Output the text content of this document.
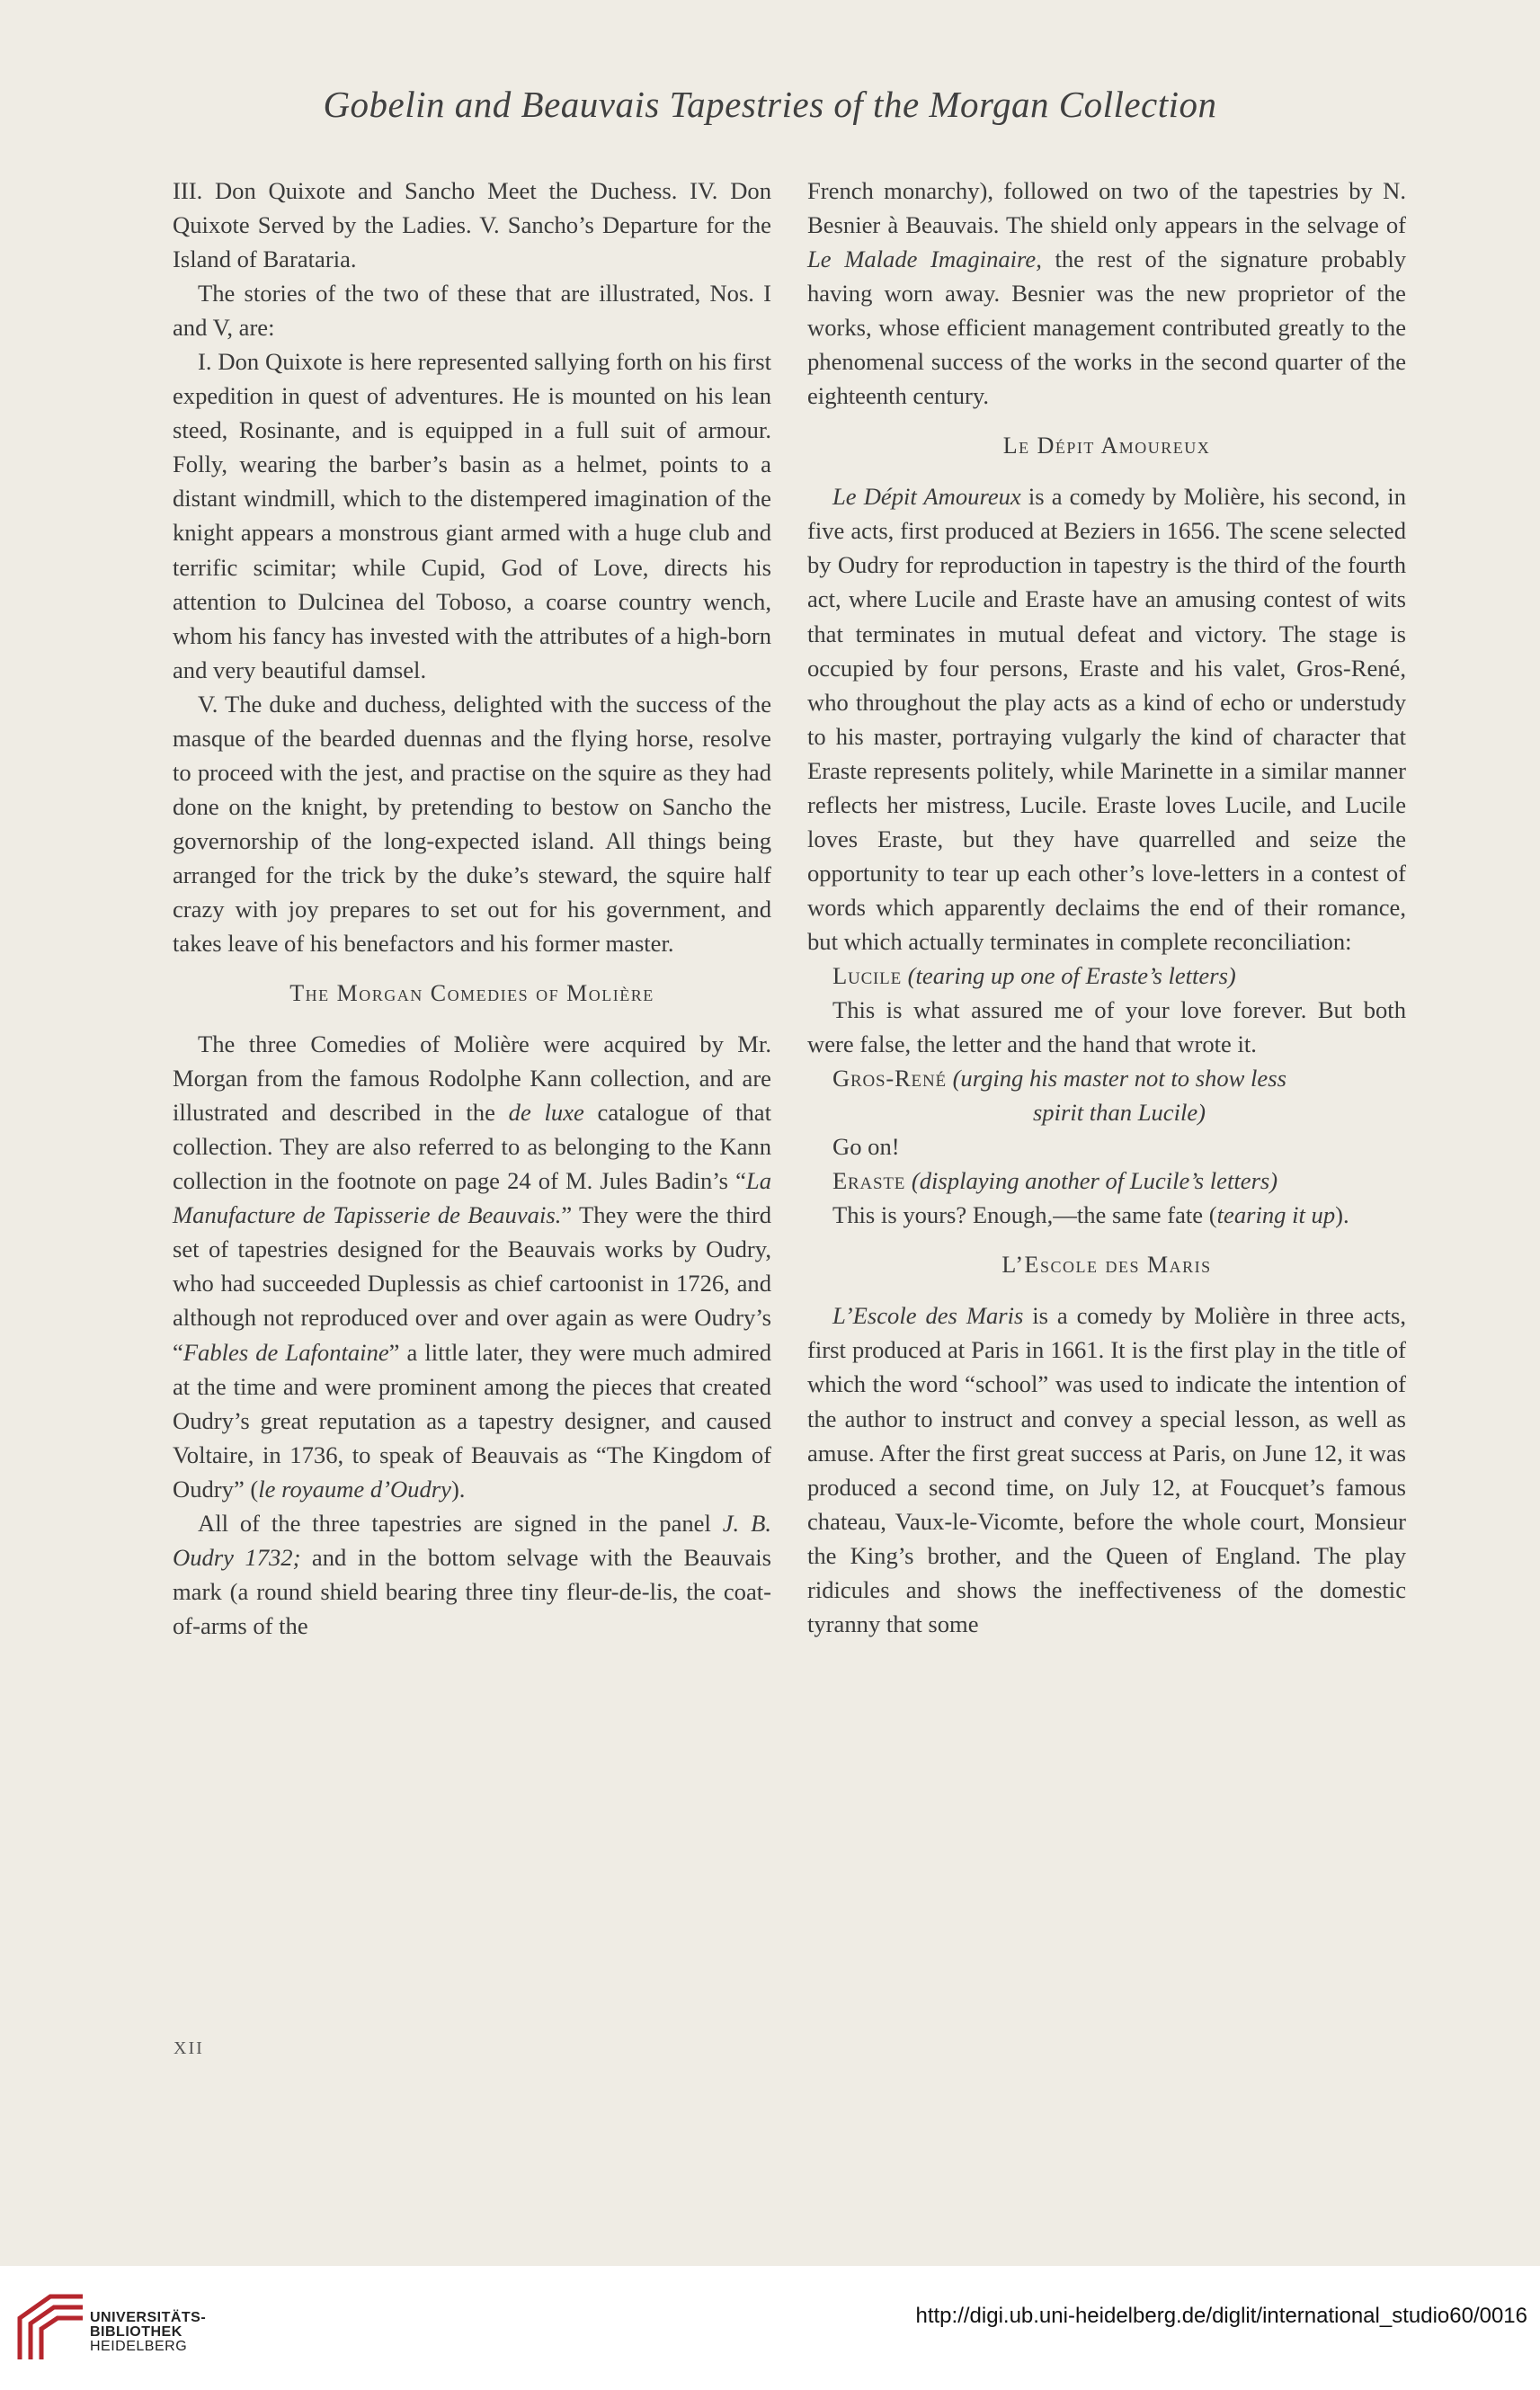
Gobelin and Beauvais Tapestries of the Morgan Collection

III. Don Quixote and Sancho Meet the Duchess. IV. Don Quixote Served by the Ladies. V. Sancho’s Departure for the Island of Barataria.

The stories of the two of these that are illustrated, Nos. I and V, are:

I. Don Quixote is here represented sallying forth on his first expedition in quest of adventures. He is mounted on his lean steed, Rosinante, and is equipped in a full suit of armour. Folly, wearing the barber’s basin as a helmet, points to a distant windmill, which to the distempered imagination of the knight appears a monstrous giant armed with a huge club and terrific scimitar; while Cupid, God of Love, directs his attention to Dulcinea del Toboso, a coarse country wench, whom his fancy has invested with the attributes of a high-born and very beautiful damsel.

V. The duke and duchess, delighted with the success of the masque of the bearded duennas and the flying horse, resolve to proceed with the jest, and practise on the squire as they had done on the knight, by pretending to bestow on Sancho the governorship of the long-expected island. All things being arranged for the trick by the duke’s steward, the squire half crazy with joy prepares to set out for his government, and takes leave of his benefactors and his former master.

The Morgan Comedies of Molière

The three Comedies of Molière were acquired by Mr. Morgan from the famous Rodolphe Kann collection, and are illustrated and described in the de luxe catalogue of that collection. They are also referred to as belonging to the Kann collection in the footnote on page 24 of M. Jules Badin’s “La Manufacture de Tapisserie de Beauvais.” They were the third set of tapestries designed for the Beauvais works by Oudry, who had succeeded Duplessis as chief cartoonist in 1726, and although not reproduced over and over again as were Oudry’s “Fables de Lafontaine” a little later, they were much admired at the time and were prominent among the pieces that created Oudry’s great reputation as a tapestry designer, and caused Voltaire, in 1736, to speak of Beauvais as “The Kingdom of Oudry” (le royaume d’Oudry).

All of the three tapestries are signed in the panel J. B. Oudry 1732; and in the bottom selvage with the Beauvais mark (a round shield bearing three tiny fleur-de-lis, the coat-of-arms of the

French monarchy), followed on two of the tapestries by N. Besnier à Beauvais. The shield only appears in the selvage of Le Malade Imaginaire, the rest of the signature probably having worn away. Besnier was the new proprietor of the works, whose efficient management contributed greatly to the phenomenal success of the works in the second quarter of the eighteenth century.

Le Dépit Amoureux

Le Dépit Amoureux is a comedy by Molière, his second, in five acts, first produced at Beziers in 1656. The scene selected by Oudry for reproduction in tapestry is the third of the fourth act, where Lucile and Eraste have an amusing contest of wits that terminates in mutual defeat and victory. The stage is occupied by four persons, Eraste and his valet, Gros-René, who throughout the play acts as a kind of echo or understudy to his master, portraying vulgarly the kind of character that Eraste represents politely, while Marinette in a similar manner reflects her mistress, Lucile. Eraste loves Lucile, and Lucile loves Eraste, but they have quarrelled and seize the opportunity to tear up each other’s love-letters in a contest of words which apparently declaims the end of their romance, but which actually terminates in complete reconciliation:

Lucile (tearing up one of Eraste’s letters)

This is what assured me of your love forever. But both were false, the letter and the hand that wrote it.

Gros-René (urging his master not to show less
spirit than Lucile)

Go on!

Eraste (displaying another of Lucile’s letters)

This is yours? Enough,—the same fate (tearing it up).

L’Escole des Maris

L’Escole des Maris is a comedy by Molière in three acts, first produced at Paris in 1661. It is the first play in the title of which the word “school” was used to indicate the intention of the author to instruct and convey a special lesson, as well as amuse. After the first great success at Paris, on June 12, it was produced a second time, on July 12, at Foucquet’s famous chateau, Vaux-le-Vicomte, before the whole court, Monsieur the King’s brother, and the Queen of England. The play ridicules and shows the ineffectiveness of the domestic tyranny that some

XII
UNIVERSITÄTS-
BIBLIOTHEK
HEIDELBERG
http://digi.ub.uni-heidelberg.de/diglit/international_studio60/0016
